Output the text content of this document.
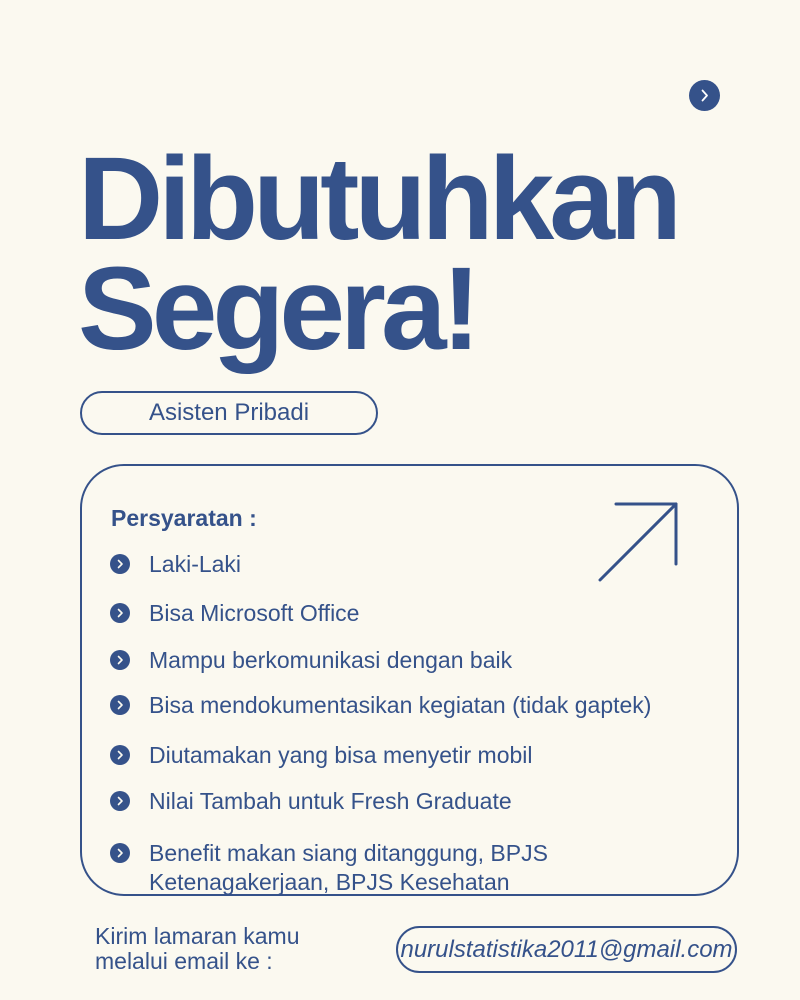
Dibutuhkan
Segera!
Asisten Pribadi
Persyaratan :
Laki-Laki
Bisa Microsoft Office
Mampu berkomunikasi dengan baik
Bisa mendokumentasikan kegiatan (tidak gaptek)
Diutamakan yang bisa menyetir mobil
Nilai Tambah untuk Fresh Graduate
Benefit makan siang ditanggung, BPJS Ketenagakerjaan, BPJS Kesehatan
Kirim lamaran kamu
melalui email ke :	nurulstatistika2011@gmail.com
